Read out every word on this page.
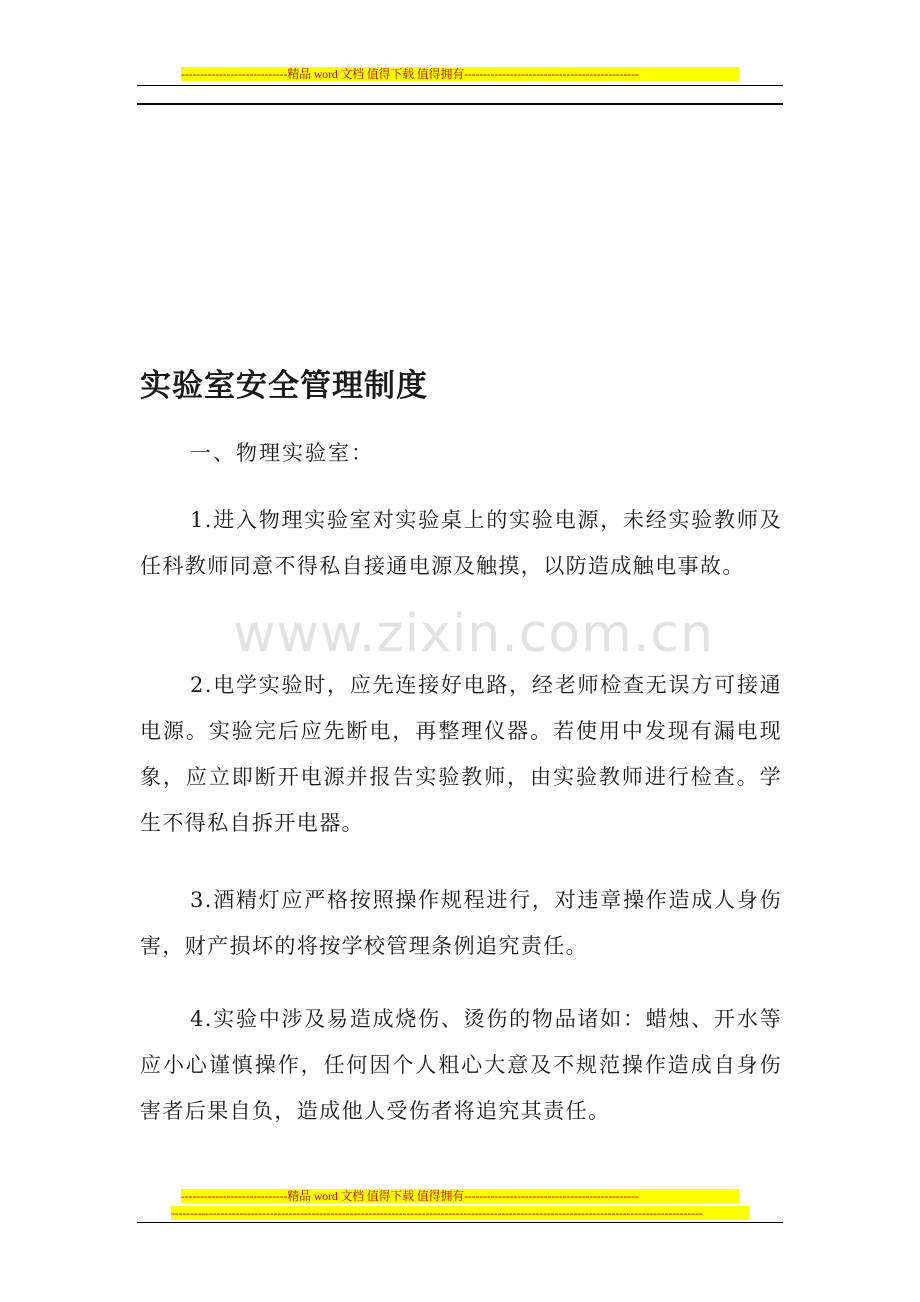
----------------------------精品 word 文档 值得下载 值得拥有----------------------------------------------
www.zixin.com.cn
实验室安全管理制度

一、物理实验室：

1.进入物理实验室对实验桌上的实验电源，未经实验教师及任科教师同意不得私自接通电源及触摸，以防造成触电事故。

2.电学实验时，应先连接好电路，经老师检查无误方可接通电源。实验完后应先断电，再整理仪器。若使用中发现有漏电现象，应立即断开电源并报告实验教师，由实验教师进行检查。学生不得私自拆开电器。

3.酒精灯应严格按照操作规程进行，对违章操作造成人身伤害，财产损坏的将按学校管理条例追究责任。

4.实验中涉及易造成烧伤、烫伤的物品诸如：蜡烛、开水等应小心谨慎操作，任何因个人粗心大意及不规范操作造成自身伤害者后果自负，造成他人受伤者将追究其责任。

----------------------------精品 word 文档 值得下载 值得拥有----------------------------------------------
--------------------------------------------------------------------------------------------------------------------------------------------
